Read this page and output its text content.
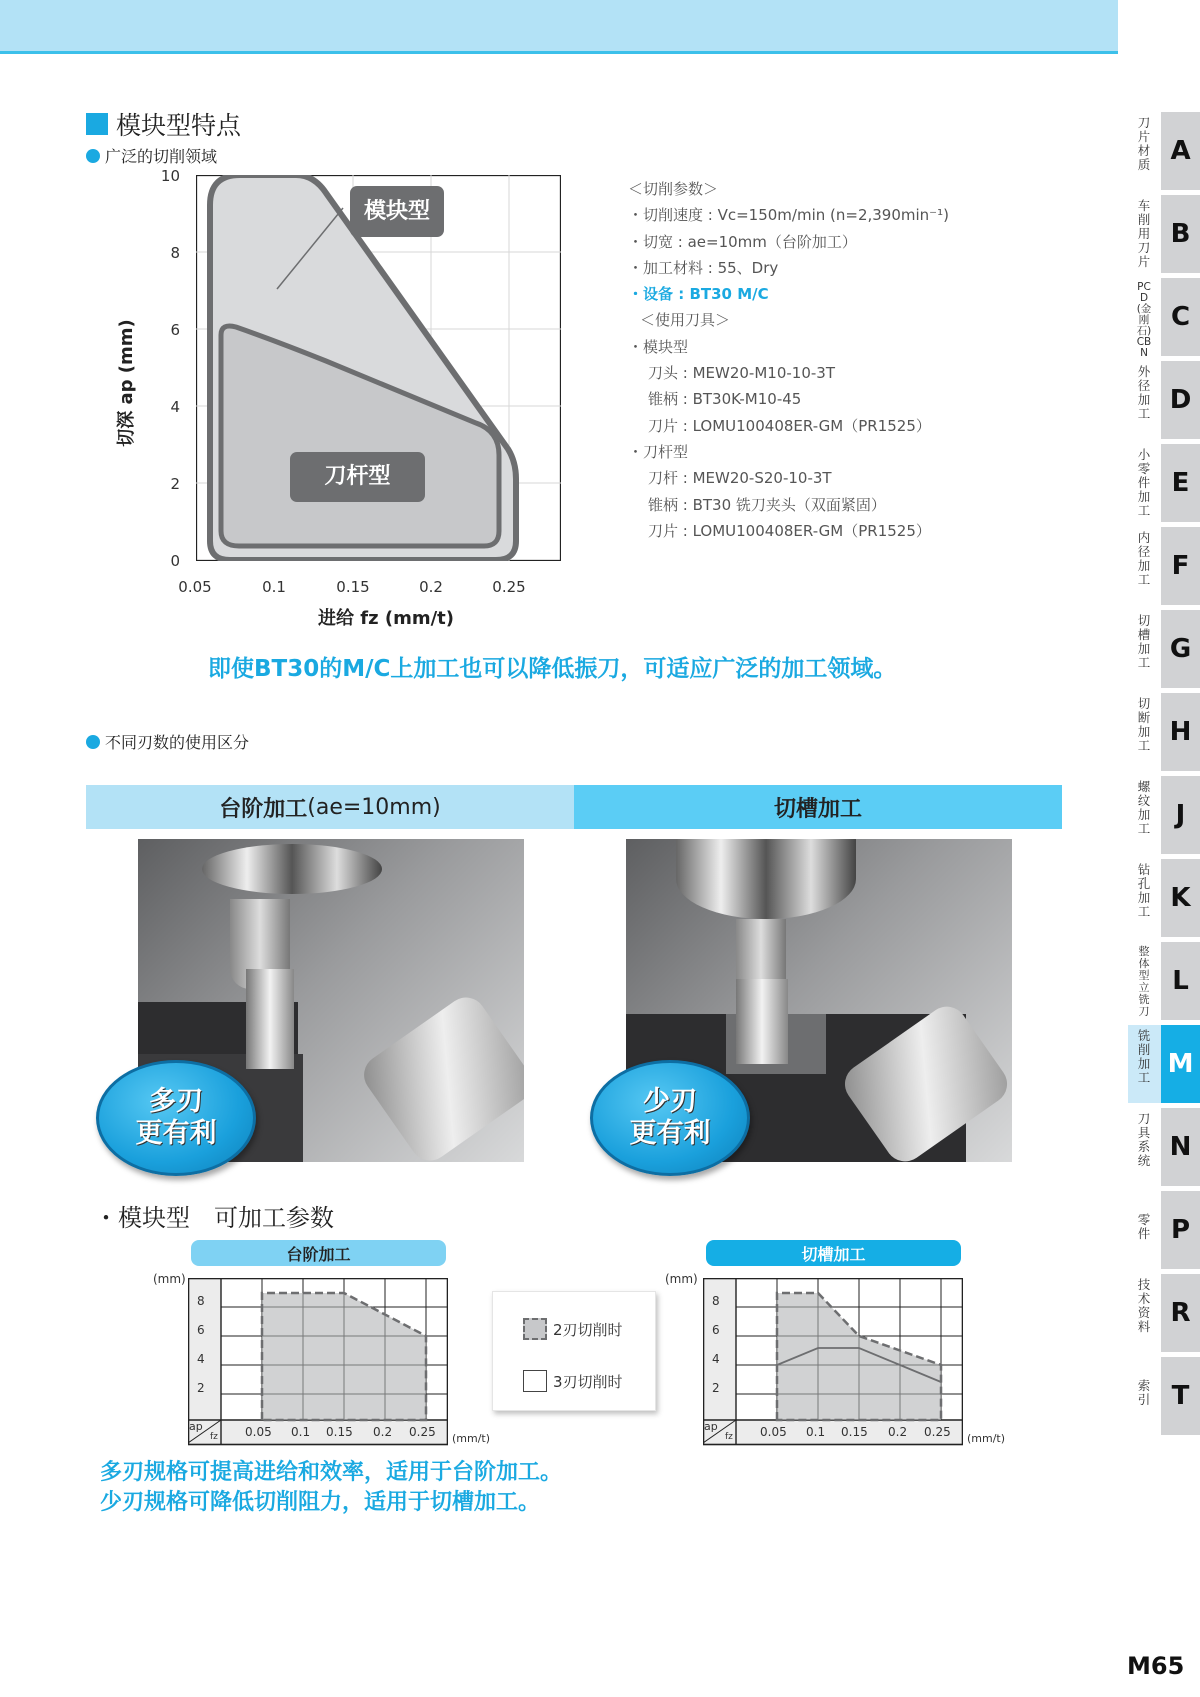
模块型特点
广泛的切削领域
10
8
6
4
2
0
0.05	0.1	0.15	0.2	0.25
模块型
刀杆型
切深 ap (mm)
进给 fz (mm/t)
＜切削参数＞
・切削速度 : Vc=150m/min (n=2,390min⁻¹)
・切宽 : ae=10mm（台阶加工）
・加工材料 : 55、Dry
・设备 : BT30 M/C
＜使用刀具＞
・模块型
刀头 : MEW20-M10-10-3T
锥柄 : BT30K-M10-45
刀片 : LOMU100408ER-GM（PR1525）
・刀杆型
刀杆 : MEW20-S20-10-3T
锥柄 : BT30 铣刀夹头（双面紧固）
刀片 : LOMU100408ER-GM（PR1525）
即使BT30的M/C上加工也可以降低振刀，可适应广泛的加工领域。
不同刃数的使用区分
台阶加工 (ae=10mm)	切槽加工
多刃
更有利
少刃
更有利
・模块型　可加工参数
台阶加工	切槽加工
(mm)
8
6
4
2
ap
fz 0.05 0.1 0.15 0.2 0.25 (mm/t)
2刃切削时
3刃切削时
(mm)
8
6
4
2
ap
fz 0.05 0.1 0.15 0.2 0.25 (mm/t)
多刃规格可提高进给和效率，适用于台阶加工。
少刃规格可降低切削阻力，适用于切槽加工。
刀片材质 A
车削用刀片
B
PCD(金刚石)CBN
C
外径加工 D
小零件加工
E
内径加工 F
切槽加工 G
切断加工 H
螺纹加工 J
钻孔加工 K
整体型立铣刀
L
铣削加工 M
刀具系统 N
零件 P
技术资料 R
索引 T
M65
